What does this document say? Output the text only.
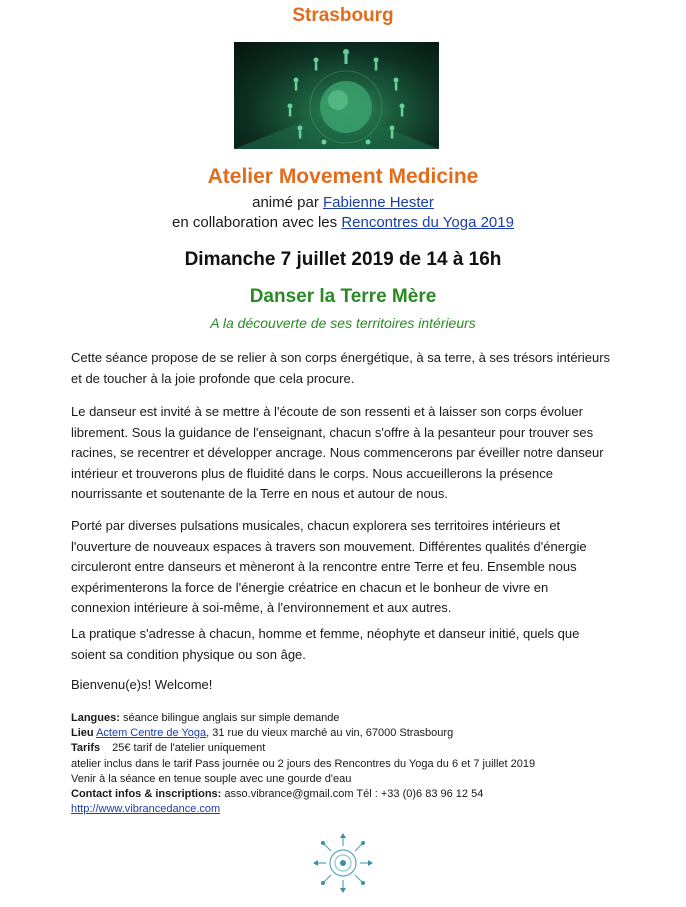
Strasbourg
Atelier Movement Medicine
animé par Fabienne Hester
en collaboration avec les Rencontres du Yoga 2019
Dimanche 7 juillet 2019 de 14 à 16h
Danser la Terre Mère
A la découverte de ses territoires intérieurs
Cette séance propose de se relier à son corps énergétique, à sa terre, à ses trésors intérieurs et de toucher à la joie profonde que cela procure.
Le danseur est invité à se mettre à l'écoute de son ressenti et à laisser son corps évoluer librement. Sous la guidance de l'enseignant, chacun s'offre à la pesanteur pour trouver ses racines, se recentrer et développer ancrage. Nous commencerons par éveiller notre danseur intérieur et trouverons plus de fluidité dans le corps. Nous accueillerons la présence nourrissante et soutenante de la Terre en nous et autour de nous.
Porté par diverses pulsations musicales, chacun explorera ses territoires intérieurs et l'ouverture de nouveaux espaces à travers son mouvement. Différentes qualités d'énergie circuleront entre danseurs et mèneront à la rencontre entre Terre et feu. Ensemble nous expérimenterons la force de l'énergie créatrice en chacun et le bonheur de vivre en connexion intérieure à soi-même, à l'environnement et aux autres.
La pratique s'adresse à chacun, homme et femme, néophyte et danseur initié, quels que soient sa condition physique ou son âge.
Bienvenu(e)s! Welcome!
Langues: séance bilingue anglais sur simple demande
Lieu Actem Centre de Yoga, 31 rue du vieux marché au vin, 67000 Strasbourg
Tarifs 25€ tarif de l'atelier uniquement
atelier inclus dans le tarif Pass journée ou 2 jours des Rencontres du Yoga du 6 et 7 juillet 2019
Venir à la séance en tenue souple avec une gourde d'eau
Contact infos & inscriptions: asso.vibrance@gmail.com Tél : +33 (0)6 83 96 12 54
http://www.vibrancedance.com
